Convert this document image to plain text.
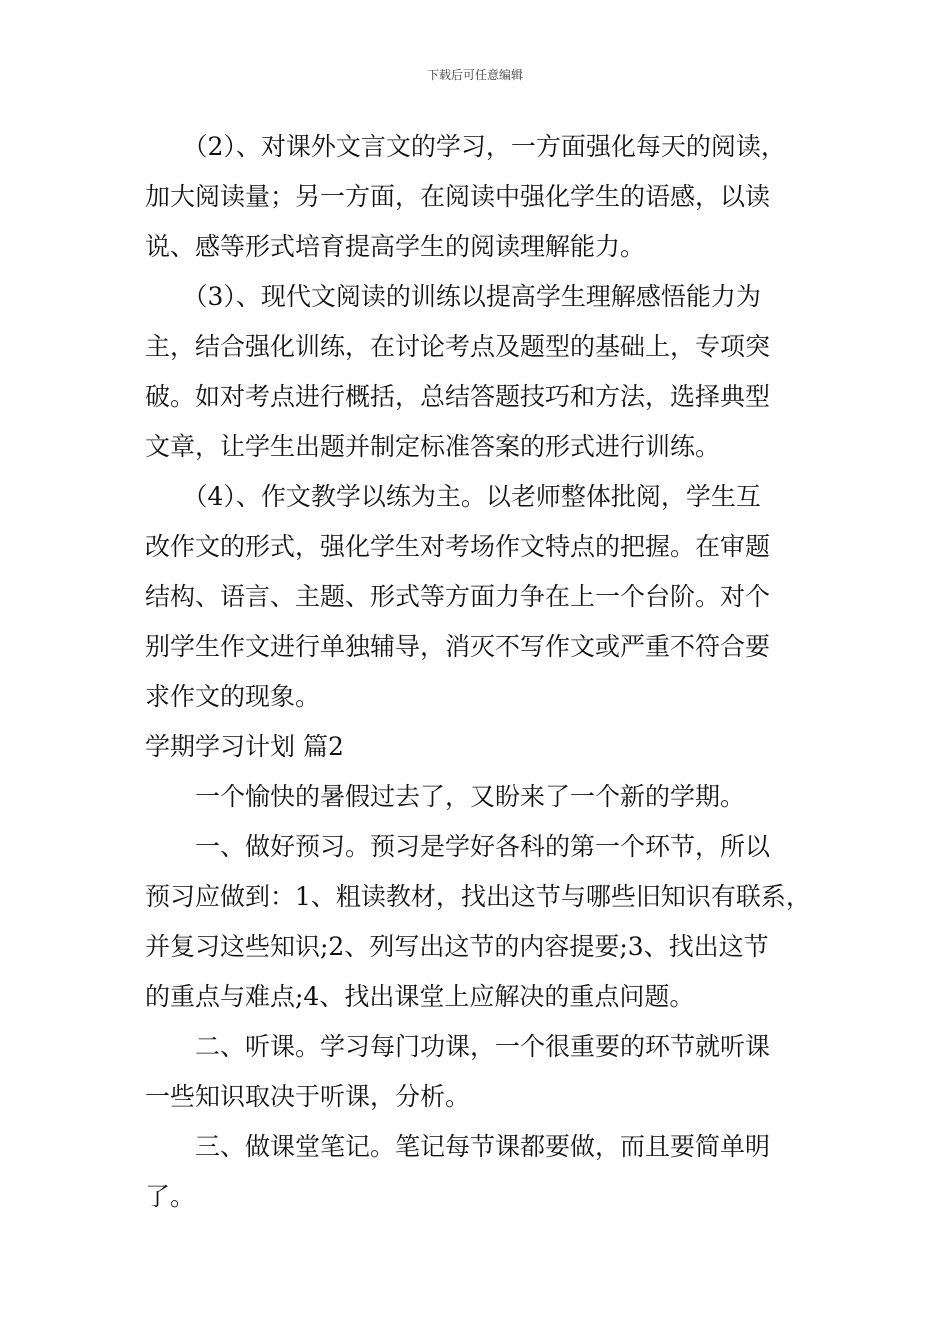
下载后可任意编辑

　　（2）、对课外文言文的学习，一方面强化每天的阅读，

加大阅读量；另一方面，在阅读中强化学生的语感，以读

说、感等形式培育提高学生的阅读理解能力。

　　（3）、现代文阅读的训练以提高学生理解感悟能力为

主，结合强化训练，在讨论考点及题型的基础上，专项突

破。如对考点进行概括，总结答题技巧和方法，选择典型

文章，让学生出题并制定标准答案的形式进行训练。

　　（4）、作文教学以练为主。以老师整体批阅，学生互

改作文的形式，强化学生对考场作文特点的把握。在审题

结构、语言、主题、形式等方面力争在上一个台阶。对个

别学生作文进行单独辅导，消灭不写作文或严重不符合要

求作文的现象。

学期学习计划 篇2

　　一个愉快的暑假过去了，又盼来了一个新的学期。

　　一、做好预习。预习是学好各科的第一个环节，所以

预习应做到：1、粗读教材，找出这节与哪些旧知识有联系，

并复习这些知识;2、列写出这节的内容提要;3、找出这节

的重点与难点;4、找出课堂上应解决的重点问题。

　　二、听课。学习每门功课，一个很重要的环节就听课

一些知识取决于听课，分析。

　　三、做课堂笔记。笔记每节课都要做，而且要简单明

了。
